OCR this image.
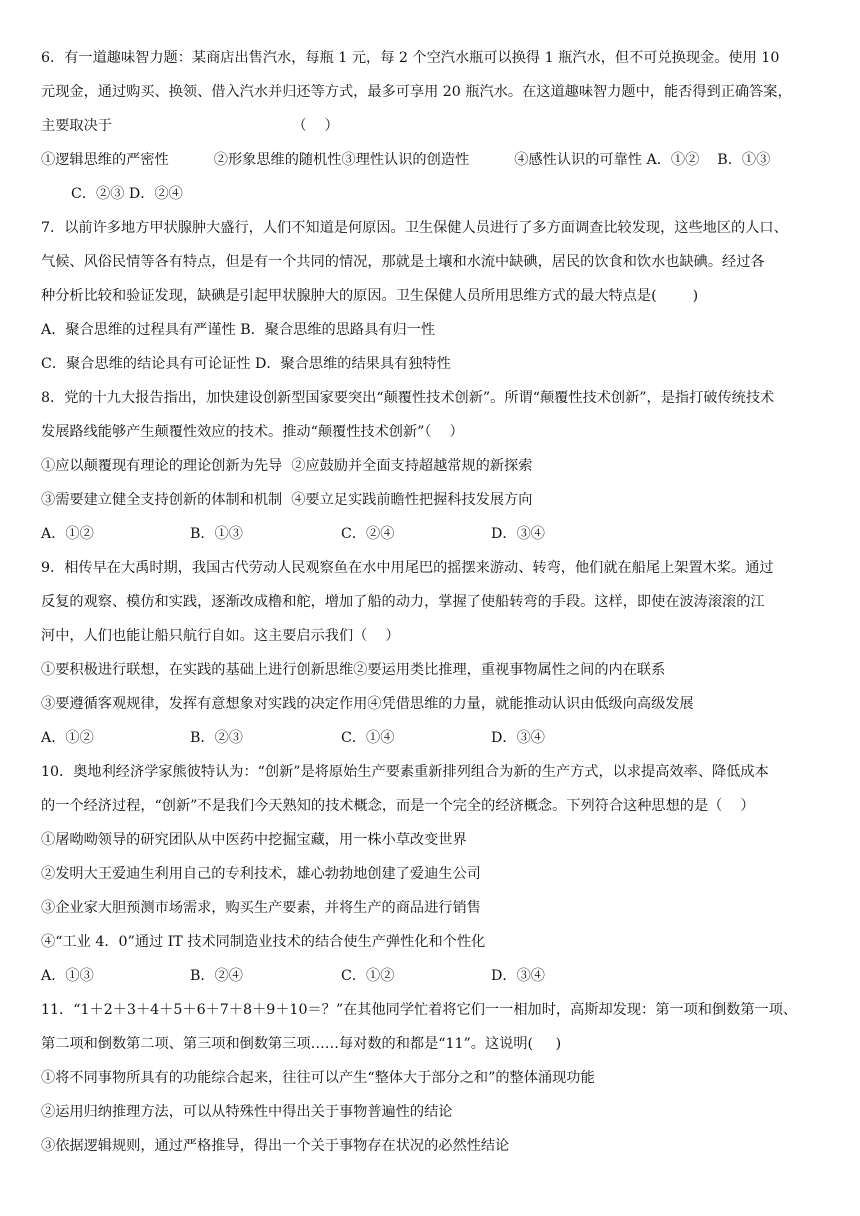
6．有一道趣味智力题：某商店出售汽水，每瓶 1 元，每 2 个空汽水瓶可以换得 1 瓶汽水，但不可兑换现金。使用 10
元现金，通过购买、换领、借入汽水并归还等方式，最多可享用 20 瓶汽水。在这道趣味智力题中，能否得到正确答案，
主要取决于                                        （    ）
①逻辑思维的严密性          ②形象思维的随机性③理性认识的创造性          ④感性认识的可靠性 A．①②    B．①③
C．②③ D．②④
7．以前许多地方甲状腺肿大盛行，人们不知道是何原因。卫生保健人员进行了多方面调查比较发现，这些地区的人口、
气候、风俗民情等各有特点，但是有一个共同的情况，那就是土壤和水流中缺碘，居民的饮食和饮水也缺碘。经过各
种分析比较和验证发现，缺碘是引起甲状腺肿大的原因。卫生保健人员所用思维方式的最大特点是(        )
A．聚合思维的过程具有严谨性 B．聚合思维的思路具有归一性
C．聚合思维的结论具有可论证性 D．聚合思维的结果具有独特性
8．党的十九大报告指出，加快建设创新型国家要突出“颠覆性技术创新”。所谓“颠覆性技术创新”，是指打破传统技术
发展路线能够产生颠覆性效应的技术。推动“颠覆性技术创新”（    ）
①应以颠覆现有理论的理论创新为先导  ②应鼓励并全面支持超越常规的新探索
③需要建立健全支持创新的体制和机制  ④要立足实践前瞻性把握科技发展方向
A．①②	B．①③	C．②④	D．③④
9．相传早在大禹时期，我国古代劳动人民观察鱼在水中用尾巴的摇摆来游动、转弯，他们就在船尾上架置木桨。通过
反复的观察、模仿和实践，逐渐改成橹和舵，增加了船的动力，掌握了使船转弯的手段。这样，即使在波涛滚滚的江
河中，人们也能让船只航行自如。这主要启示我们（    ）
①要积极进行联想，在实践的基础上进行创新思维②要运用类比推理，重视事物属性之间的内在联系
③要遵循客观规律，发挥有意想象对实践的决定作用④凭借思维的力量，就能推动认识由低级向高级发展
A．①②	B．②③	C．①④	D．③④
10．奥地利经济学家熊彼特认为：“创新”是将原始生产要素重新排列组合为新的生产方式，以求提高效率、降低成本
的一个经济过程，“创新”不是我们今天熟知的技术概念，而是一个完全的经济概念。下列符合这种思想的是（    ）
①屠呦呦领导的研究团队从中医药中挖掘宝藏，用一株小草改变世界
②发明大王爱迪生利用自己的专利技术，雄心勃勃地创建了爱迪生公司
③企业家大胆预测市场需求，购买生产要素，并将生产的商品进行销售
④“工业 4．0”通过 IT 技术同制造业技术的结合使生产弹性化和个性化
A．①③	B．②④	C．①②	D．③④
11．“1＋2＋3＋4＋5＋6＋7＋8＋9＋10＝？”在其他同学忙着将它们一一相加时，高斯却发现：第一项和倒数第一项、
第二项和倒数第二项、第三项和倒数第三项……每对数的和都是“11”。这说明(     )
①将不同事物所具有的功能综合起来，往往可以产生“整体大于部分之和”的整体涌现功能
②运用归纳推理方法，可以从特殊性中得出关于事物普遍性的结论
③依据逻辑规则，通过严格推导，得出一个关于事物存在状况的必然性结论
